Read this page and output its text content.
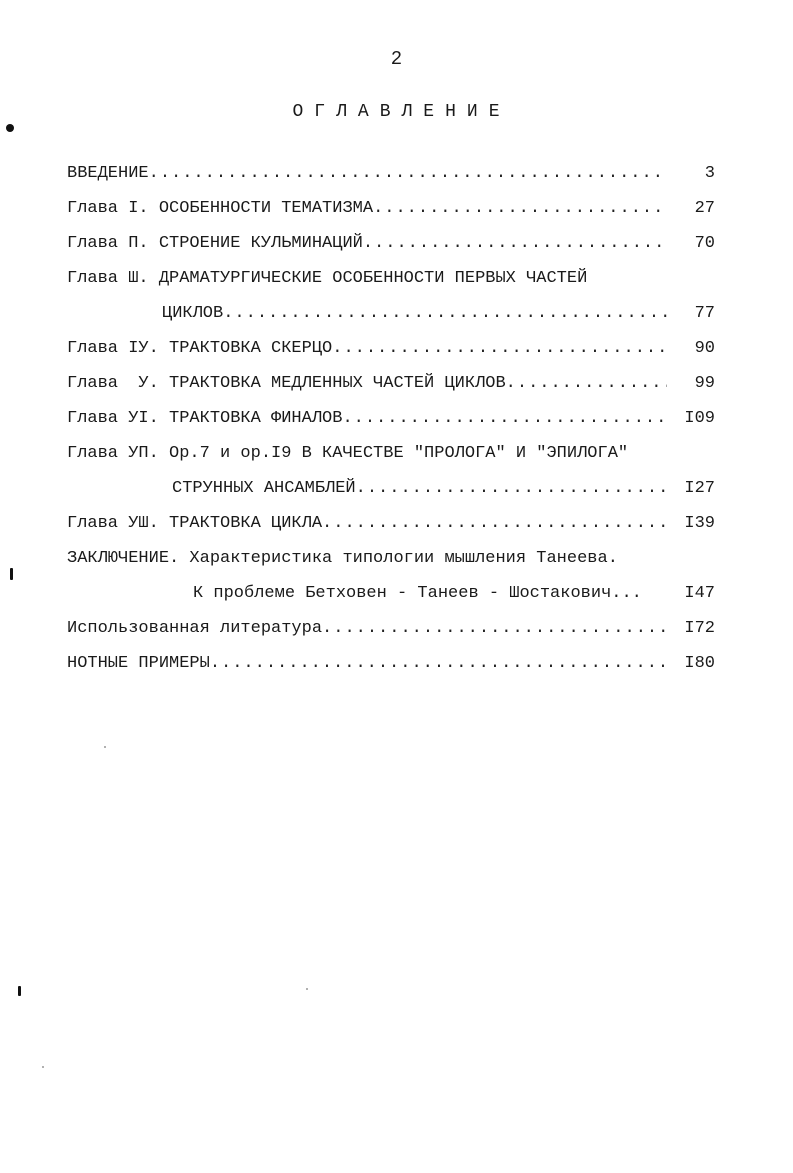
2
ОГЛАВЛЕНИЕ
ВВЕДЕНИЕ .....	3
Глава I. ОСОБЕННОСТИ ТЕМАТИЗМА .....	27
Глава П. СТРОЕНИЕ КУЛЬМИНАЦИЙ .....	70
Глава Ш. ДРАМАТУРГИЧЕСКИЕ ОСОБЕННОСТИ ПЕРВЫХ ЧАСТЕЙ
ЦИКЛОВ .....	77
Глава IУ. ТРАКТОВКА СКЕРЦО .....	90
Глава  У. ТРАКТОВКА МЕДЛЕННЫХ ЧАСТЕЙ ЦИКЛОВ .....	99
Глава УI. ТРАКТОВКА ФИНАЛОВ .....	I09
Глава УП. Ор.7 и ор.I9 В КАЧЕСТВЕ "ПРОЛОГА" И "ЭПИЛОГА"
СТРУННЫХ АНСАМБЛЕЙ .....	I27
Глава УШ. ТРАКТОВКА ЦИКЛА .....	I39
ЗАКЛЮЧЕНИЕ. Характеристика типологии мышления Танеева.
К проблеме Бетховен - Танеев - Шостакович...	I47
Использованная литература .....	I72
НОТНЫЕ ПРИМЕРЫ .....	I80
